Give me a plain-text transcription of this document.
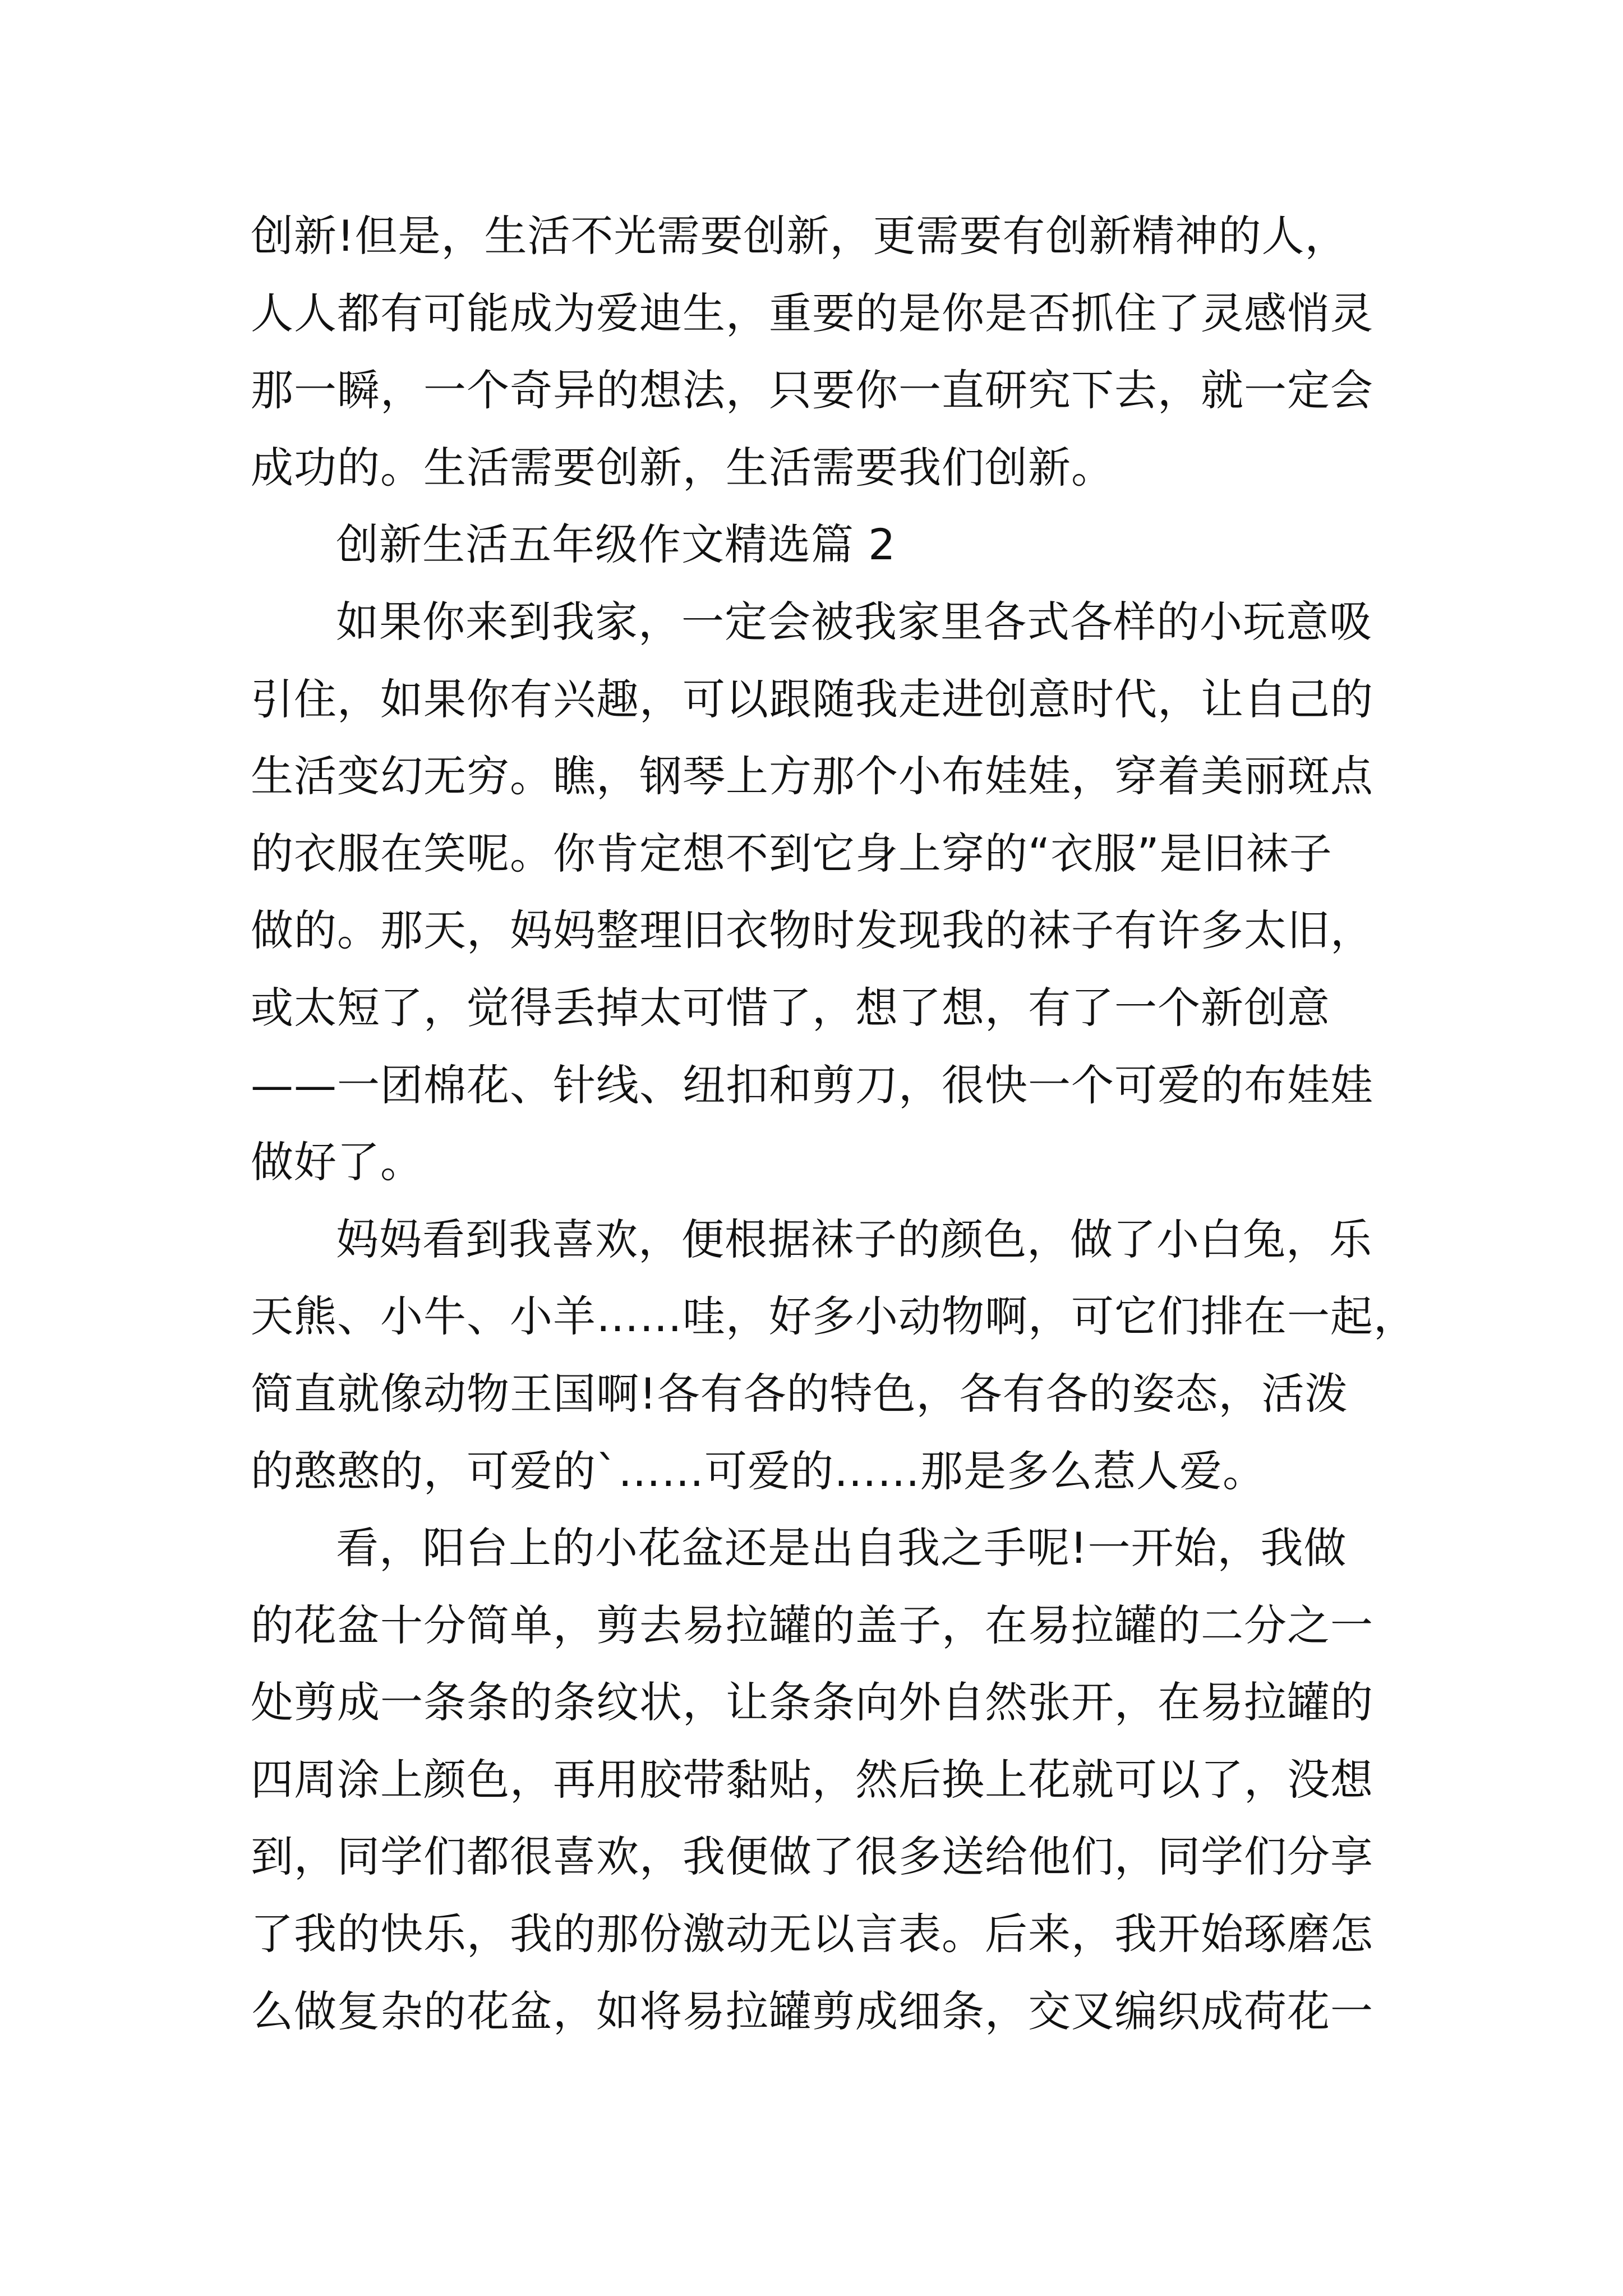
创新!但是，生活不光需要创新，更需要有创新精神的人，
人人都有可能成为爱迪生，重要的是你是否抓住了灵感悄灵
那一瞬，一个奇异的想法，只要你一直研究下去，就一定会
成功的。生活需要创新，生活需要我们创新。
创新生活五年级作文精选篇 2
如果你来到我家，一定会被我家里各式各样的小玩意吸
引住，如果你有兴趣，可以跟随我走进创意时代，让自己的
生活变幻无穷。瞧，钢琴上方那个小布娃娃，穿着美丽斑点
的衣服在笑呢。你肯定想不到它身上穿的“衣服”是旧袜子
做的。那天，妈妈整理旧衣物时发现我的袜子有许多太旧，
或太短了，觉得丢掉太可惜了，想了想，有了一个新创意
——一团棉花、针线、纽扣和剪刀，很快一个可爱的布娃娃
做好了。
妈妈看到我喜欢，便根据袜子的颜色，做了小白兔，乐
天熊、小牛、小羊……哇，好多小动物啊，可它们排在一起，
简直就像动物王国啊!各有各的特色，各有各的姿态，活泼
的憨憨的，可爱的`……可爱的……那是多么惹人爱。
看，阳台上的小花盆还是出自我之手呢!一开始，我做
的花盆十分简单，剪去易拉罐的盖子，在易拉罐的二分之一
处剪成一条条的条纹状，让条条向外自然张开，在易拉罐的
四周涂上颜色，再用胶带黏贴，然后换上花就可以了，没想
到，同学们都很喜欢，我便做了很多送给他们，同学们分享
了我的快乐，我的那份激动无以言表。后来，我开始琢磨怎
么做复杂的花盆，如将易拉罐剪成细条，交叉编织成荷花一
